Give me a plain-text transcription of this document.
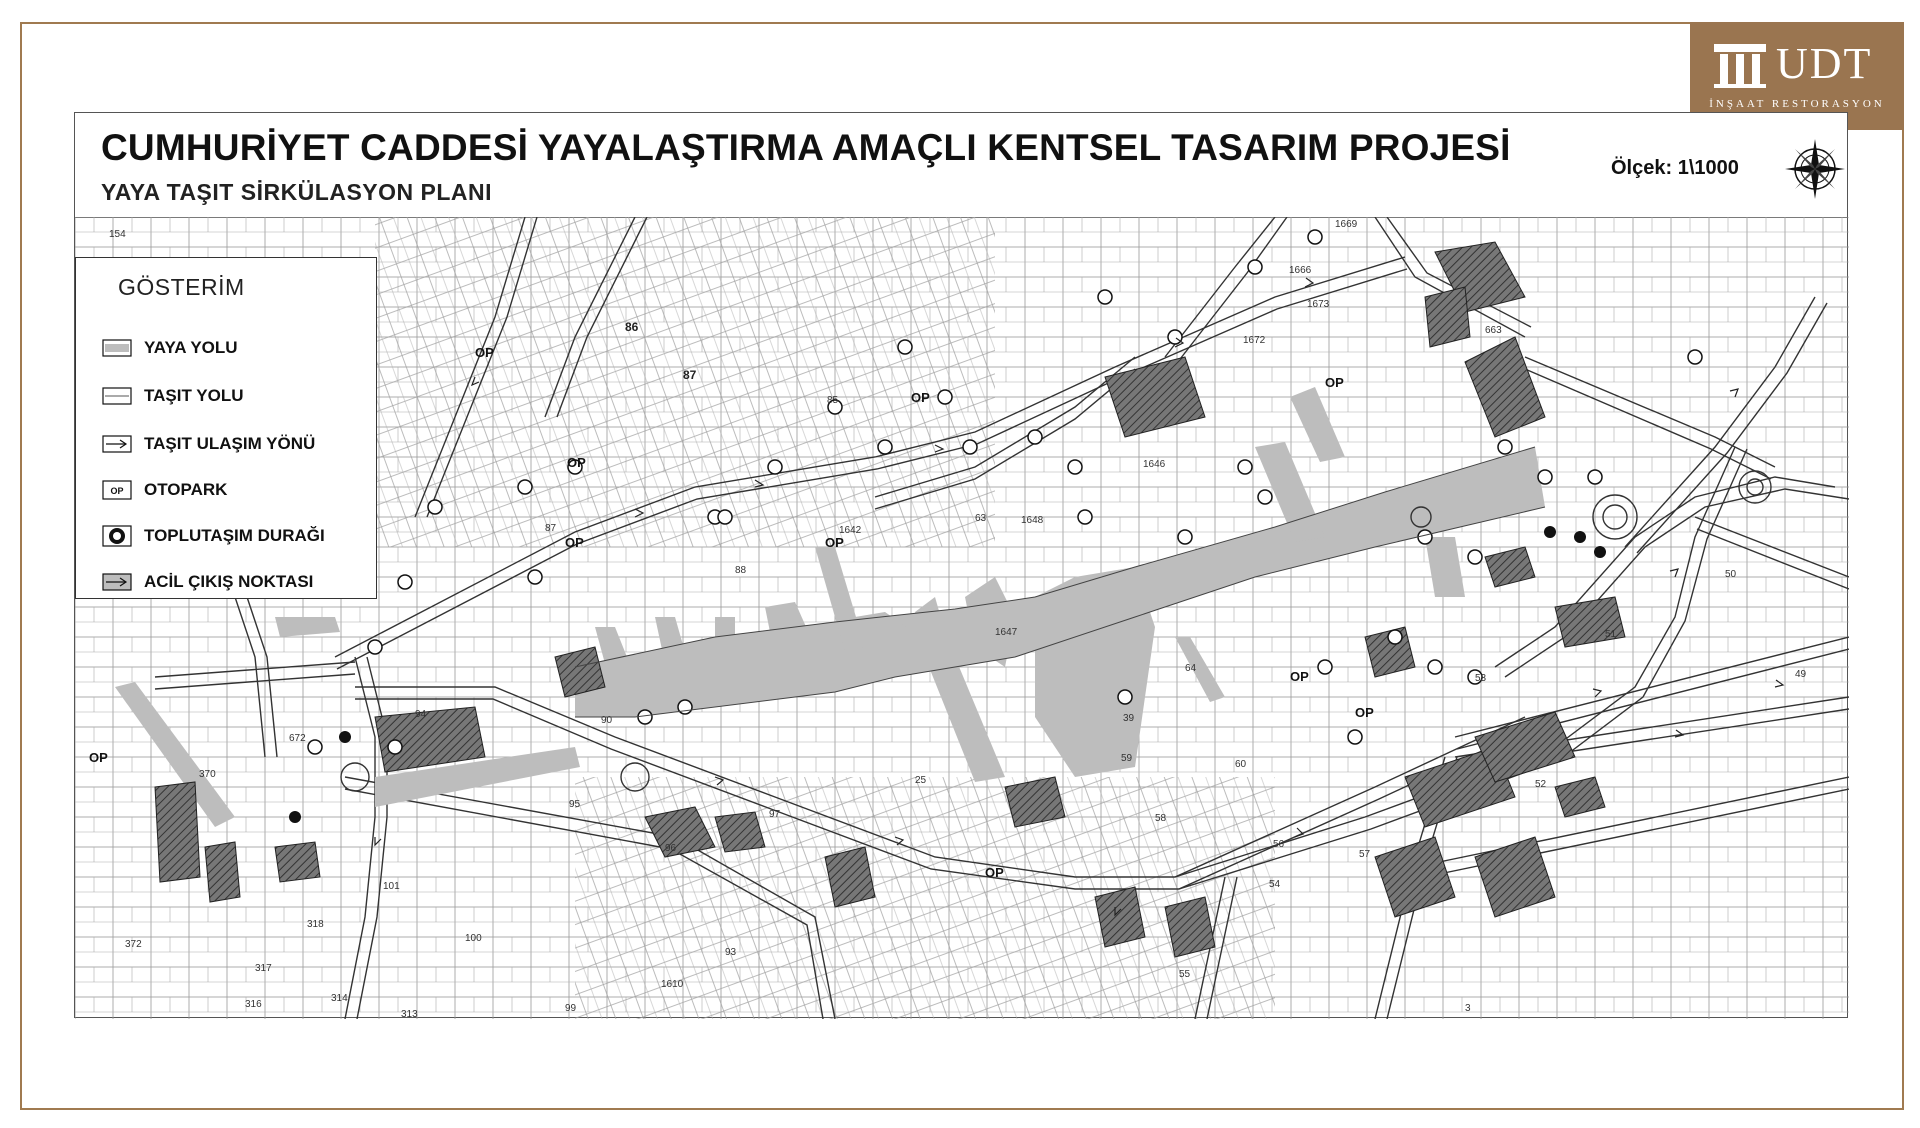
UDT
İNŞAAT RESTORASYON
CUMHURİYET CADDESİ YAYALAŞTIRMA AMAÇLI KENTSEL TASARIM PROJESİ
YAYA TAŞIT SİRKÜLASYON PLANI
Ölçek: 1\1000
OP
OP
OP
OP
OP
OP
OP
OP
OP
OP
154
1669
1666
1673
1672
663
86
87
85
1646
63	1648
1642
88
87
1647
64
53
51
50
49
52
94
90
672
370
372
318
317
314
316
313
101
95
96
97
25
39
58
56
54
57
55
60
93
1610
99
100
3
59
GÖSTERİM
YAYA YOLU
TAŞIT YOLU
TAŞIT ULAŞIM YÖNÜ
OP OTOPARK
TOPLUTAŞIM DURAĞI
ACİL ÇIKIŞ NOKTASI
